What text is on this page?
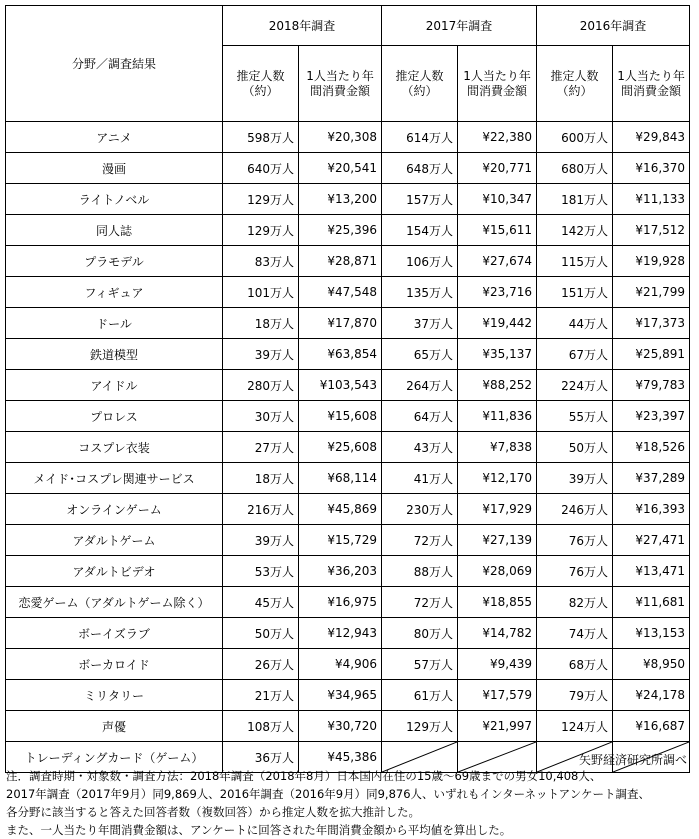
分野／調査結果	2018年調査		2017年調査		2016年調査	
	推定人数（約）	1人当たり年間消費金額	推定人数（約）	1人当たり年間消費金額	推定人数（約）	1人当たり年間消費金額
アニメ	598万人	¥20,308	614万人	¥22,380	600万人	¥29,843
漫画	640万人	¥20,541	648万人	¥20,771	680万人	¥16,370
ライトノベル	129万人	¥13,200	157万人	¥10,347	181万人	¥11,133
同人誌	129万人	¥25,396	154万人	¥15,611	142万人	¥17,512
プラモデル	83万人	¥28,871	106万人	¥27,674	115万人	¥19,928
フィギュア	101万人	¥47,548	135万人	¥23,716	151万人	¥21,799
ドール	18万人	¥17,870	37万人	¥19,442	44万人	¥17,373
鉄道模型	39万人	¥63,854	65万人	¥35,137	67万人	¥25,891
アイドル	280万人	¥103,543	264万人	¥88,252	224万人	¥79,783
プロレス	30万人	¥15,608	64万人	¥11,836	55万人	¥23,397
コスプレ衣装	27万人	¥25,608	43万人	¥7,838	50万人	¥18,526
メイド･コスプレ関連サービス	18万人	¥68,114	41万人	¥12,170	39万人	¥37,289
オンラインゲーム	216万人	¥45,869	230万人	¥17,929	246万人	¥16,393
アダルトゲーム	39万人	¥15,729	72万人	¥27,139	76万人	¥27,471
アダルトビデオ	53万人	¥36,203	88万人	¥28,069	76万人	¥13,471
恋愛ゲーム（アダルトゲーム除く）	45万人	¥16,975	72万人	¥18,855	82万人	¥11,681
ボーイズラブ	50万人	¥12,943	80万人	¥14,782	74万人	¥13,153
ボーカロイド	26万人	¥4,906	57万人	¥9,439	68万人	¥8,950
ミリタリー	21万人	¥34,965	61万人	¥17,579	79万人	¥24,178
声優	108万人	¥30,720	129万人	¥21,997	124万人	¥16,687
トレーディングカード（ゲーム）	36万人	¥45,386	

		矢野経済研究所調べ
注．調査時期・対象数・調査方法：2018年調査（2018年8月）日本国内在住の15歳～69歳までの男女10,408人、
2017年調査（2017年9月）同9,869人、2016年調査（2016年9月）同9,876人、いずれもインターネットアンケート調査、
各分野に該当すると答えた回答者数（複数回答）から推定人数を拡大推計した。
また、一人当たり年間消費金額は、アンケートに回答された年間消費金額から平均値を算出した。
